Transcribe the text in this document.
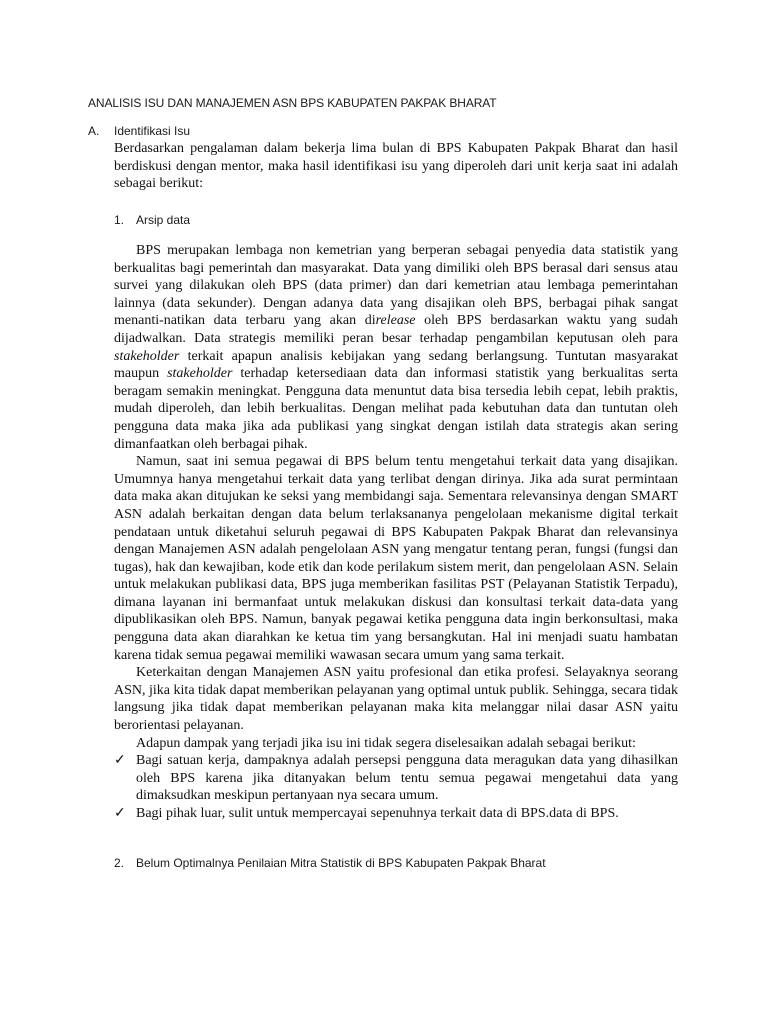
ANALISIS ISU DAN MANAJEMEN ASN BPS KABUPATEN PAKPAK BHARAT
A. Identifikasi Isu

Berdasarkan pengalaman dalam bekerja lima bulan di BPS Kabupaten Pakpak Bharat dan hasil berdiskusi dengan mentor, maka hasil identifikasi isu yang diperoleh dari unit kerja saat ini adalah sebagai berikut:

1. Arsip data

BPS merupakan lembaga non kemetrian yang berperan sebagai penyedia data statistik yang berkualitas bagi pemerintah dan masyarakat. Data yang dimiliki oleh BPS berasal dari sensus atau survei yang dilakukan oleh BPS (data primer) dan dari kemetrian atau lembaga pemerintahan lainnya (data sekunder). Dengan adanya data yang disajikan oleh BPS, berbagai pihak sangat menanti-natikan data terbaru yang akan direlease oleh BPS berdasarkan waktu yang sudah dijadwalkan. Data strategis memiliki peran besar terhadap pengambilan keputusan oleh para stakeholder terkait apapun analisis kebijakan yang sedang berlangsung. Tuntutan masyarakat maupun stakeholder terhadap ketersediaan data dan informasi statistik yang berkualitas serta beragam semakin meningkat. Pengguna data menuntut data bisa tersedia lebih cepat, lebih praktis, mudah diperoleh, dan lebih berkualitas. Dengan melihat pada kebutuhan data dan tuntutan oleh pengguna data maka jika ada publikasi yang singkat dengan istilah data strategis akan sering dimanfaatkan oleh berbagai pihak.

Namun, saat ini semua pegawai di BPS belum tentu mengetahui terkait data yang disajikan. Umumnya hanya mengetahui terkait data yang terlibat dengan dirinya. Jika ada surat permintaan data maka akan ditujukan ke seksi yang membidangi saja. Sementara relevansinya dengan SMART ASN adalah berkaitan dengan data belum terlaksananya pengelolaan mekanisme digital terkait pendataan untuk diketahui seluruh pegawai di BPS Kabupaten Pakpak Bharat dan relevansinya dengan Manajemen ASN adalah pengelolaan ASN yang mengatur tentang peran, fungsi (fungsi dan tugas), hak dan kewajiban, kode etik dan kode perilakum sistem merit, dan pengelolaan ASN. Selain untuk melakukan publikasi data, BPS juga memberikan fasilitas PST (Pelayanan Statistik Terpadu), dimana layanan ini bermanfaat untuk melakukan diskusi dan konsultasi terkait data-data yang dipublikasikan oleh BPS. Namun, banyak pegawai ketika pengguna data ingin berkonsultasi, maka pengguna data akan diarahkan ke ketua tim yang bersangkutan. Hal ini menjadi suatu hambatan karena tidak semua pegawai memiliki wawasan secara umum yang sama terkait.

Keterkaitan dengan Manajemen ASN yaitu profesional dan etika profesi. Selayaknya seorang ASN, jika kita tidak dapat memberikan pelayanan yang optimal untuk publik. Sehingga, secara tidak langsung jika tidak dapat memberikan pelayanan maka kita melanggar nilai dasar ASN yaitu berorientasi pelayanan.

Adapun dampak yang terjadi jika isu ini tidak segera diselesaikan adalah sebagai berikut:

✓ Bagi satuan kerja, dampaknya adalah persepsi pengguna data meragukan data yang dihasilkan oleh BPS karena jika ditanyakan belum tentu semua pegawai mengetahui data yang dimaksudkan meskipun pertanyaan nya secara umum.
✓ Bagi pihak luar, sulit untuk mempercayai sepenuhnya terkait data di BPS.data di BPS.
2. Belum Optimalnya Penilaian Mitra Statistik di BPS Kabupaten Pakpak Bharat
